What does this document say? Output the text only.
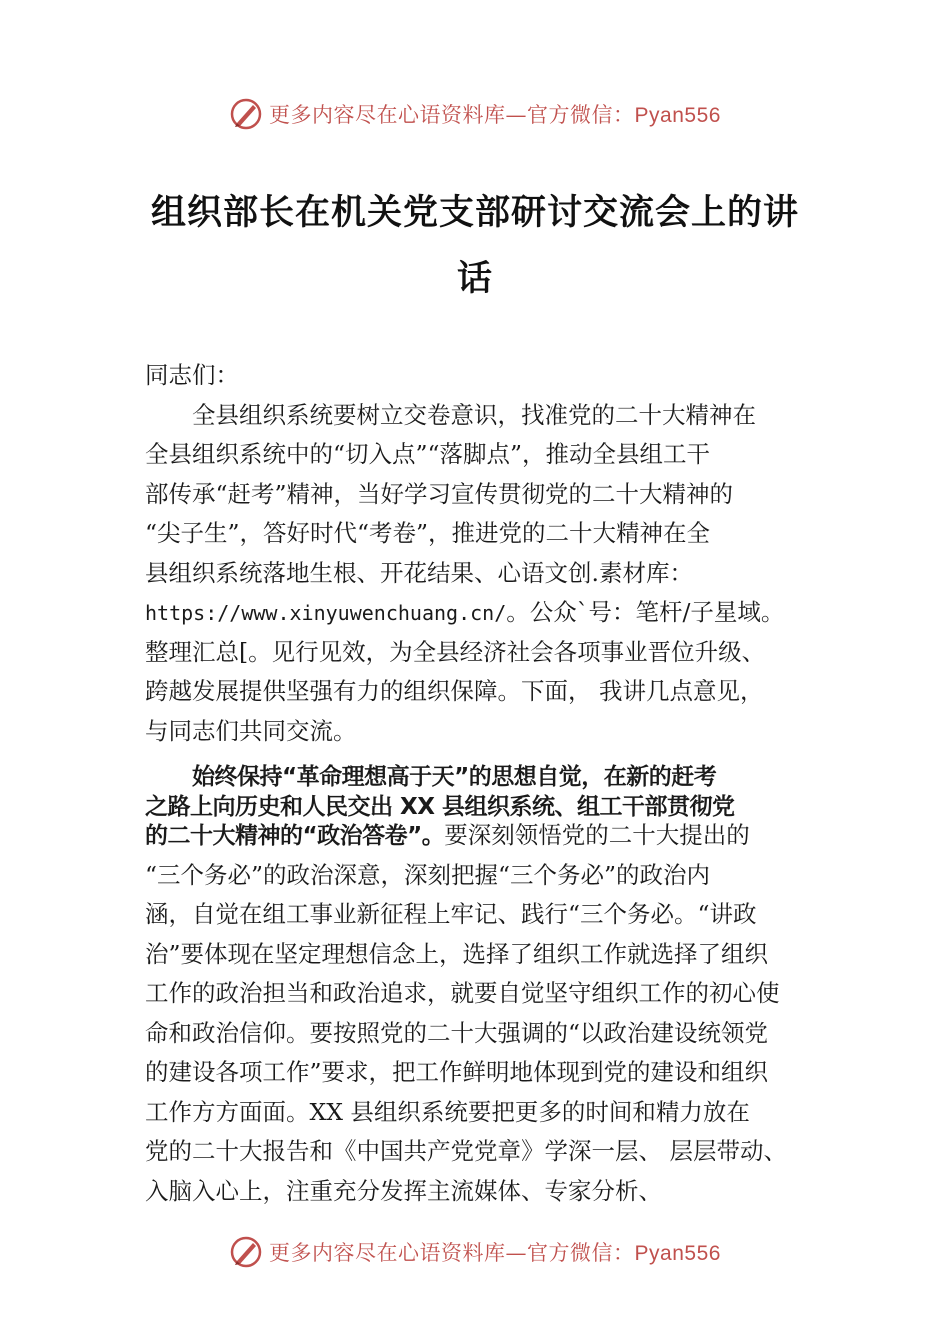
更多内容尽在心语资料库—官方微信：Pyan556
组织部长在机关党支部研讨交流会上的讲
话
同志们：
全县组织系统要树立交卷意识，找准党的二十大精神在
全县组织系统中的“切入点”“落脚点”，推动全县组工干
部传承“赶考”精神，当好学习宣传贯彻党的二十大精神的
“尖子生”，答好时代“考卷”，推进党的二十大精神在全
县组织系统落地生根、开花结果、心语文创.素材库：
https://www.xinyuwenchuang.cn/。公众`号：笔杆/子星域。
整理汇总[。见行见效，为全县经济社会各项事业晋位升级、
跨越发展提供坚强有力的组织保障。下面， 我讲几点意见，
与同志们共同交流。
始终保持“革命理想高于天”的思想自觉，在新的赶考
之路上向历史和人民交出 XX 县组织系统、组工干部贯彻党
的二十大精神的“政治答卷”。要深刻领悟党的二十大提出的
“三个务必”的政治深意，深刻把握“三个务必”的政治内
涵，自觉在组工事业新征程上牢记、践行“三个务必。“讲政
治”要体现在坚定理想信念上，选择了组织工作就选择了组织
工作的政治担当和政治追求，就要自觉坚守组织工作的初心使
命和政治信仰。要按照党的二十大强调的“以政治建设统领党
的建设各项工作”要求，把工作鲜明地体现到党的建设和组织
工作方方面面。XX 县组织系统要把更多的时间和精力放在
党的二十大报告和《中国共产党党章》学深一层、 层层带动、
入脑入心上，注重充分发挥主流媒体、专家分析、
更多内容尽在心语资料库—官方微信：Pyan556
